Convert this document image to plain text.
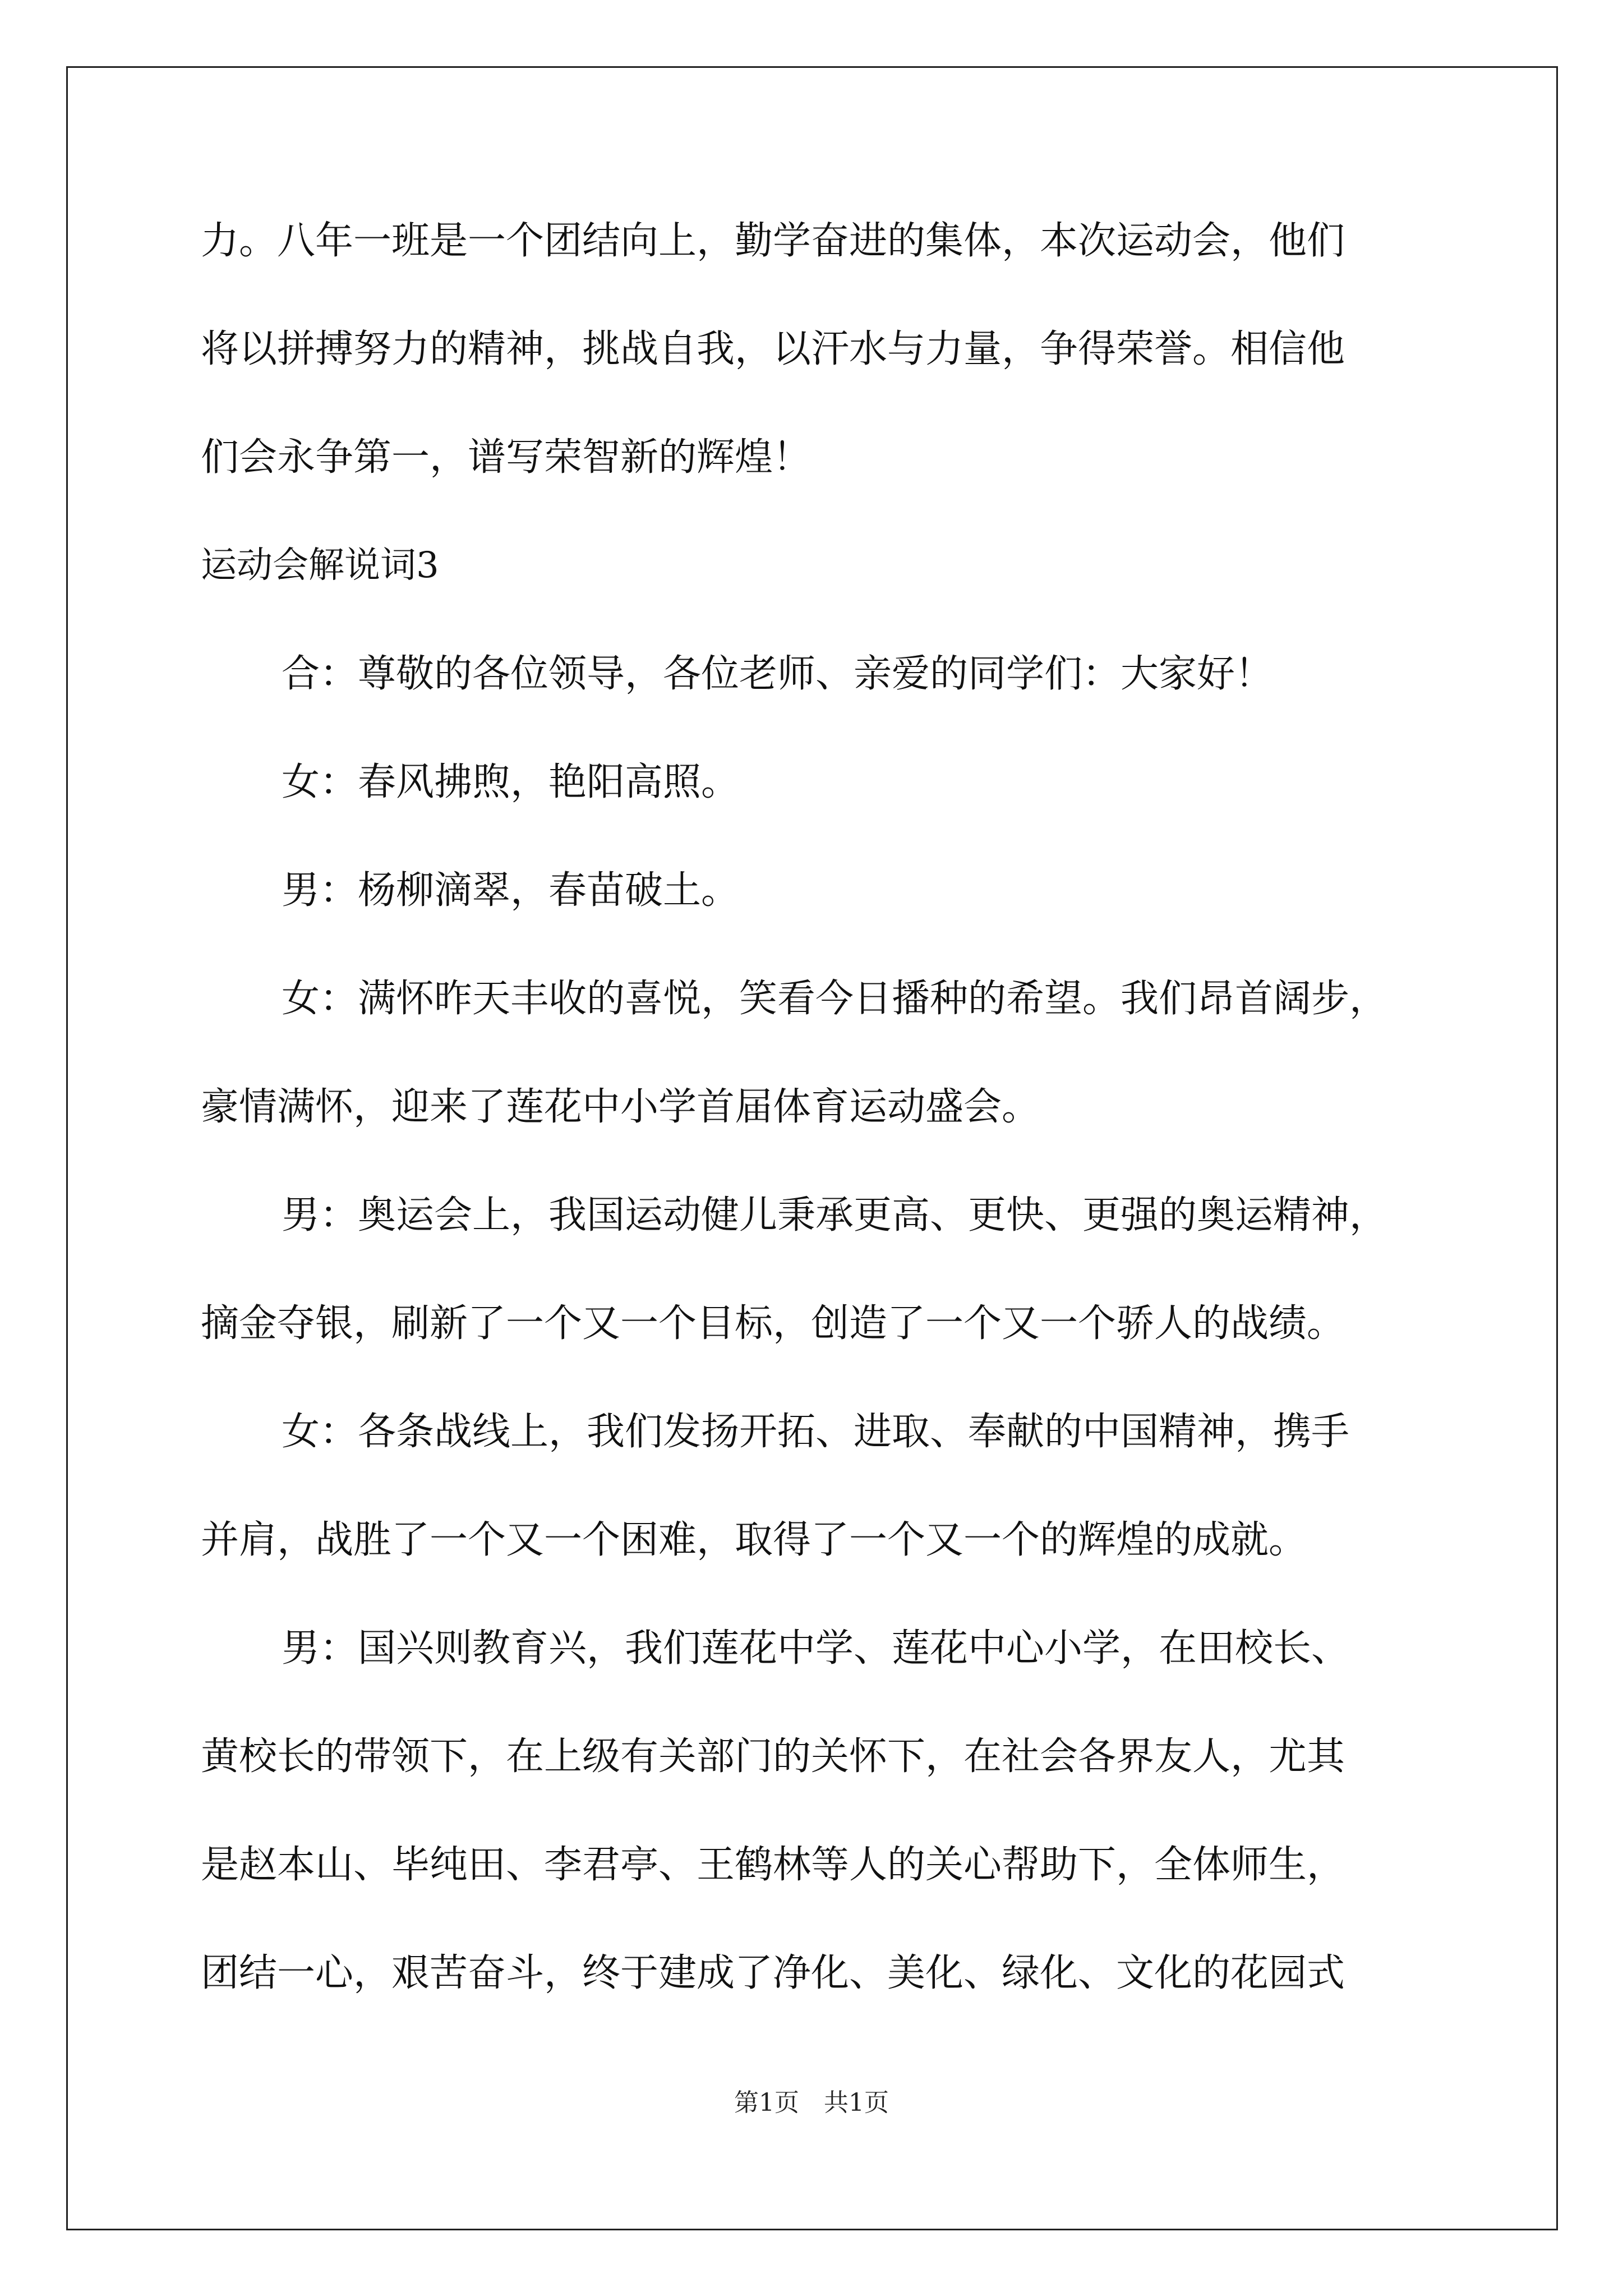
力。八年一班是一个团结向上，勤学奋进的集体，本次运动会，他们

将以拼搏努力的精神，挑战自我，以汗水与力量，争得荣誉。相信他

们会永争第一，谱写荣智新的辉煌！

运动会解说词3

合：尊敬的各位领导，各位老师、亲爱的同学们：大家好！

女：春风拂煦，艳阳高照。

男：杨柳滴翠，春苗破土。

女：满怀昨天丰收的喜悦，笑看今日播种的希望。我们昂首阔步，

豪情满怀，迎来了莲花中小学首届体育运动盛会。

男：奥运会上，我国运动健儿秉承更高、更快、更强的奥运精神，

摘金夺银，刷新了一个又一个目标，创造了一个又一个骄人的战绩。

女：各条战线上，我们发扬开拓、进取、奉献的中国精神，携手

并肩，战胜了一个又一个困难，取得了一个又一个的辉煌的成就。

男：国兴则教育兴，我们莲花中学、莲花中心小学，在田校长、

黄校长的带领下，在上级有关部门的关怀下，在社会各界友人，尤其

是赵本山、毕纯田、李君亭、王鹤林等人的关心帮助下，全体师生，

团结一心，艰苦奋斗，终于建成了净化、美化、绿化、文化的花园式

第1页　共1页
